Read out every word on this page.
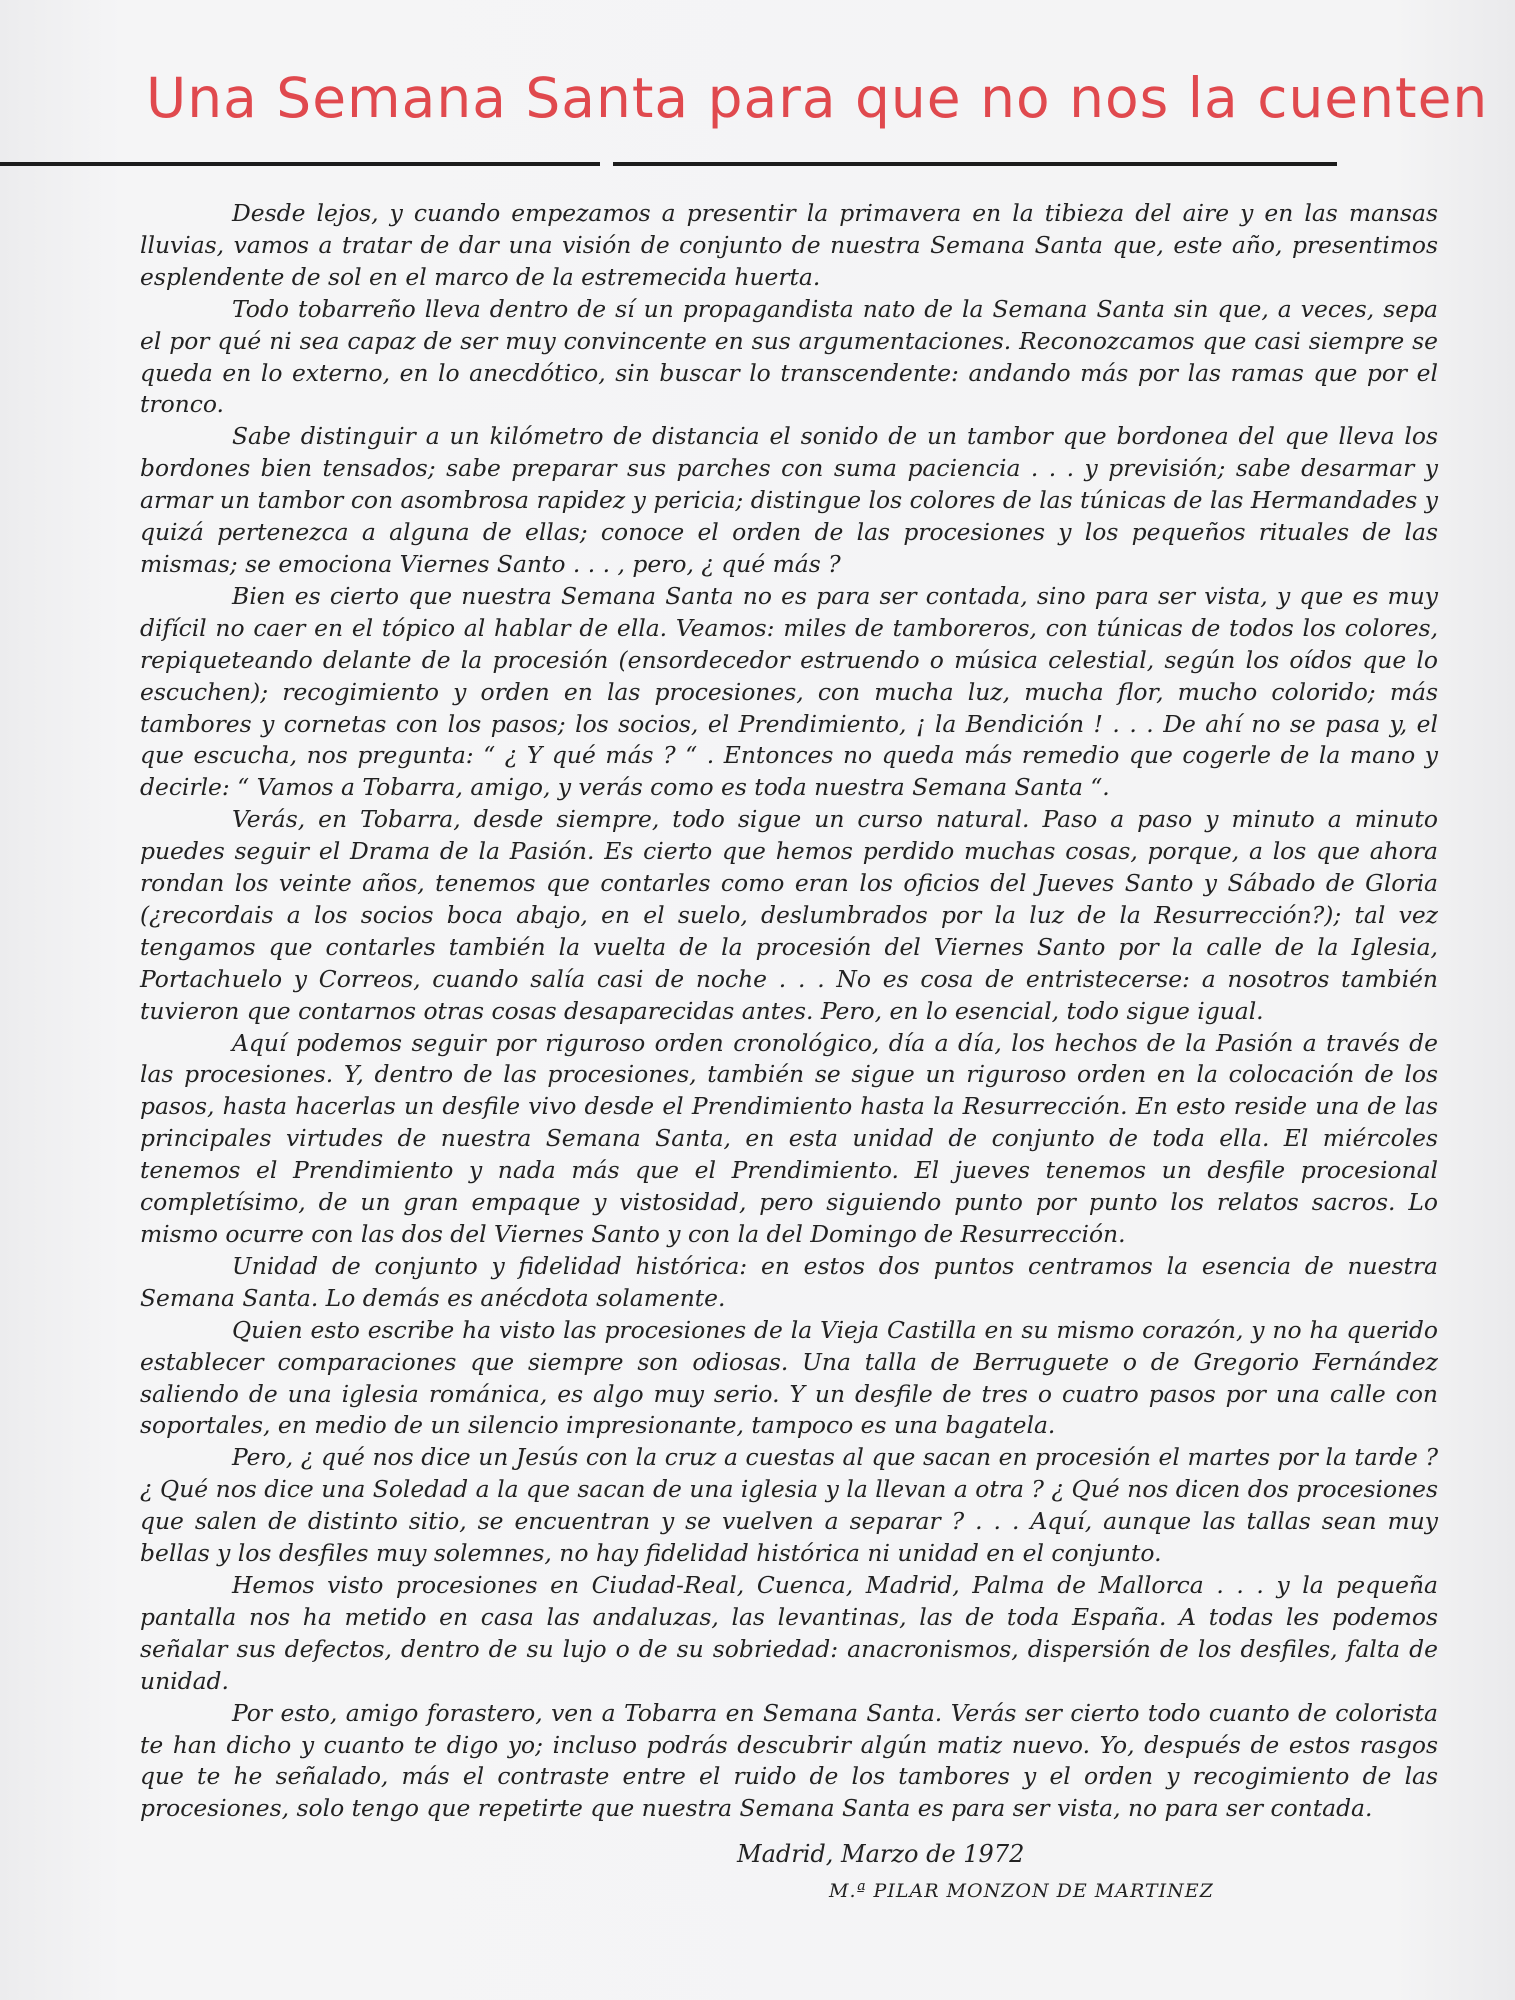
Una Semana Santa para que no nos la cuenten

Desde lejos, y cuando empezamos a presentir la primavera en la tibieza del aire y en las mansas lluvias, vamos a tratar de dar una visión de conjunto de nuestra Semana Santa que, este año, presentimos esplendente de sol en el marco de la estremecida huerta.

Todo tobarreño lleva dentro de sí un propagandista nato de la Semana Santa sin que, a veces, sepa el por qué ni sea capaz de ser muy convincente en sus argumentaciones. Reconozcamos que casi siempre se queda en lo externo, en lo anecdótico, sin buscar lo transcendente: andando más por las ramas que por el tronco.

Sabe distinguir a un kilómetro de distancia el sonido de un tambor que bordonea del que lleva los bordones bien tensados; sabe preparar sus parches con suma paciencia . . . y previsión; sabe desarmar y armar un tambor con asombrosa rapidez y pericia; distingue los colores de las túnicas de las Hermandades y quizá pertenezca a alguna de ellas; conoce el orden de las procesiones y los pequeños rituales de las mismas; se emociona Viernes Santo . . . , pero, ¿ qué más ?

Bien es cierto que nuestra Semana Santa no es para ser contada, sino para ser vista, y que es muy difícil no caer en el tópico al hablar de ella. Veamos: miles de tamboreros, con túnicas de todos los colores, repiqueteando delante de la procesión (ensordecedor estruendo o música celestial, según los oídos que lo escuchen); recogimiento y orden en las procesiones, con mucha luz, mucha flor, mucho colorido; más tambores y cornetas con los pasos; los socios, el Prendimiento, ¡ la Bendición ! . . . De ahí no se pasa y, el que escucha, nos pregunta: “ ¿ Y qué más ? “ . Entonces no queda más remedio que cogerle de la mano y decirle: “ Vamos a Tobarra, amigo, y verás como es toda nuestra Semana Santa “.

Verás, en Tobarra, desde siempre, todo sigue un curso natural. Paso a paso y minuto a minuto puedes seguir el Drama de la Pasión. Es cierto que hemos perdido muchas cosas, porque, a los que ahora rondan los veinte años, tenemos que contarles como eran los oficios del Jueves Santo y Sábado de Gloria (¿recordais a los socios boca abajo, en el suelo, deslumbrados por la luz de la Resurrección?); tal vez tengamos que contarles también la vuelta de la procesión del Viernes Santo por la calle de la Iglesia, Portachuelo y Correos, cuando salía casi de noche . . . No es cosa de entristecerse: a nosotros también tuvieron que contarnos otras cosas desaparecidas antes. Pero, en lo esencial, todo sigue igual.

Aquí podemos seguir por riguroso orden cronológico, día a día, los hechos de la Pasión a través de las procesiones. Y, dentro de las procesiones, también se sigue un riguroso orden en la colocación de los pasos, hasta hacerlas un desfile vivo desde el Prendimiento hasta la Resurrección. En esto reside una de las principales virtudes de nuestra Semana Santa, en esta unidad de conjunto de toda ella. El miércoles tenemos el Prendimiento y nada más que el Prendimiento. El jueves tenemos un desfile procesional completísimo, de un gran empaque y vistosidad, pero siguiendo punto por punto los relatos sacros. Lo mismo ocurre con las dos del Viernes Santo y con la del Domingo de Resurrección.

Unidad de conjunto y fidelidad histórica: en estos dos puntos centramos la esencia de nuestra Semana Santa. Lo demás es anécdota solamente.

Quien esto escribe ha visto las procesiones de la Vieja Castilla en su mismo corazón, y no ha querido establecer comparaciones que siempre son odiosas. Una talla de Berruguete o de Gregorio Fernández saliendo de una iglesia románica, es algo muy serio. Y un desfile de tres o cuatro pasos por una calle con soportales, en medio de un silencio impresionante, tampoco es una bagatela.

Pero, ¿ qué nos dice un Jesús con la cruz a cuestas al que sacan en procesión el martes por la tarde ? ¿ Qué nos dice una Soledad a la que sacan de una iglesia y la llevan a otra ? ¿ Qué nos dicen dos procesiones que salen de distinto sitio, se encuentran y se vuelven a separar ? . . . Aquí, aunque las tallas sean muy bellas y los desfiles muy solemnes, no hay fidelidad histórica ni unidad en el conjunto.

Hemos visto procesiones en Ciudad-Real, Cuenca, Madrid, Palma de Mallorca . . . y la pequeña pantalla nos ha metido en casa las andaluzas, las levantinas, las de toda España. A todas les podemos señalar sus defectos, dentro de su lujo o de su sobriedad: anacronismos, dispersión de los desfiles, falta de unidad.

Por esto, amigo forastero, ven a Tobarra en Semana Santa. Verás ser cierto todo cuanto de colorista te han dicho y cuanto te digo yo; incluso podrás descubrir algún matiz nuevo. Yo, después de estos rasgos que te he señalado, más el contraste entre el ruido de los tambores y el orden y recogimiento de las procesiones, solo tengo que repetirte que nuestra Semana Santa es para ser vista, no para ser contada.

Madrid, Marzo de 1972
M.ª PILAR MONZON DE MARTINEZ
